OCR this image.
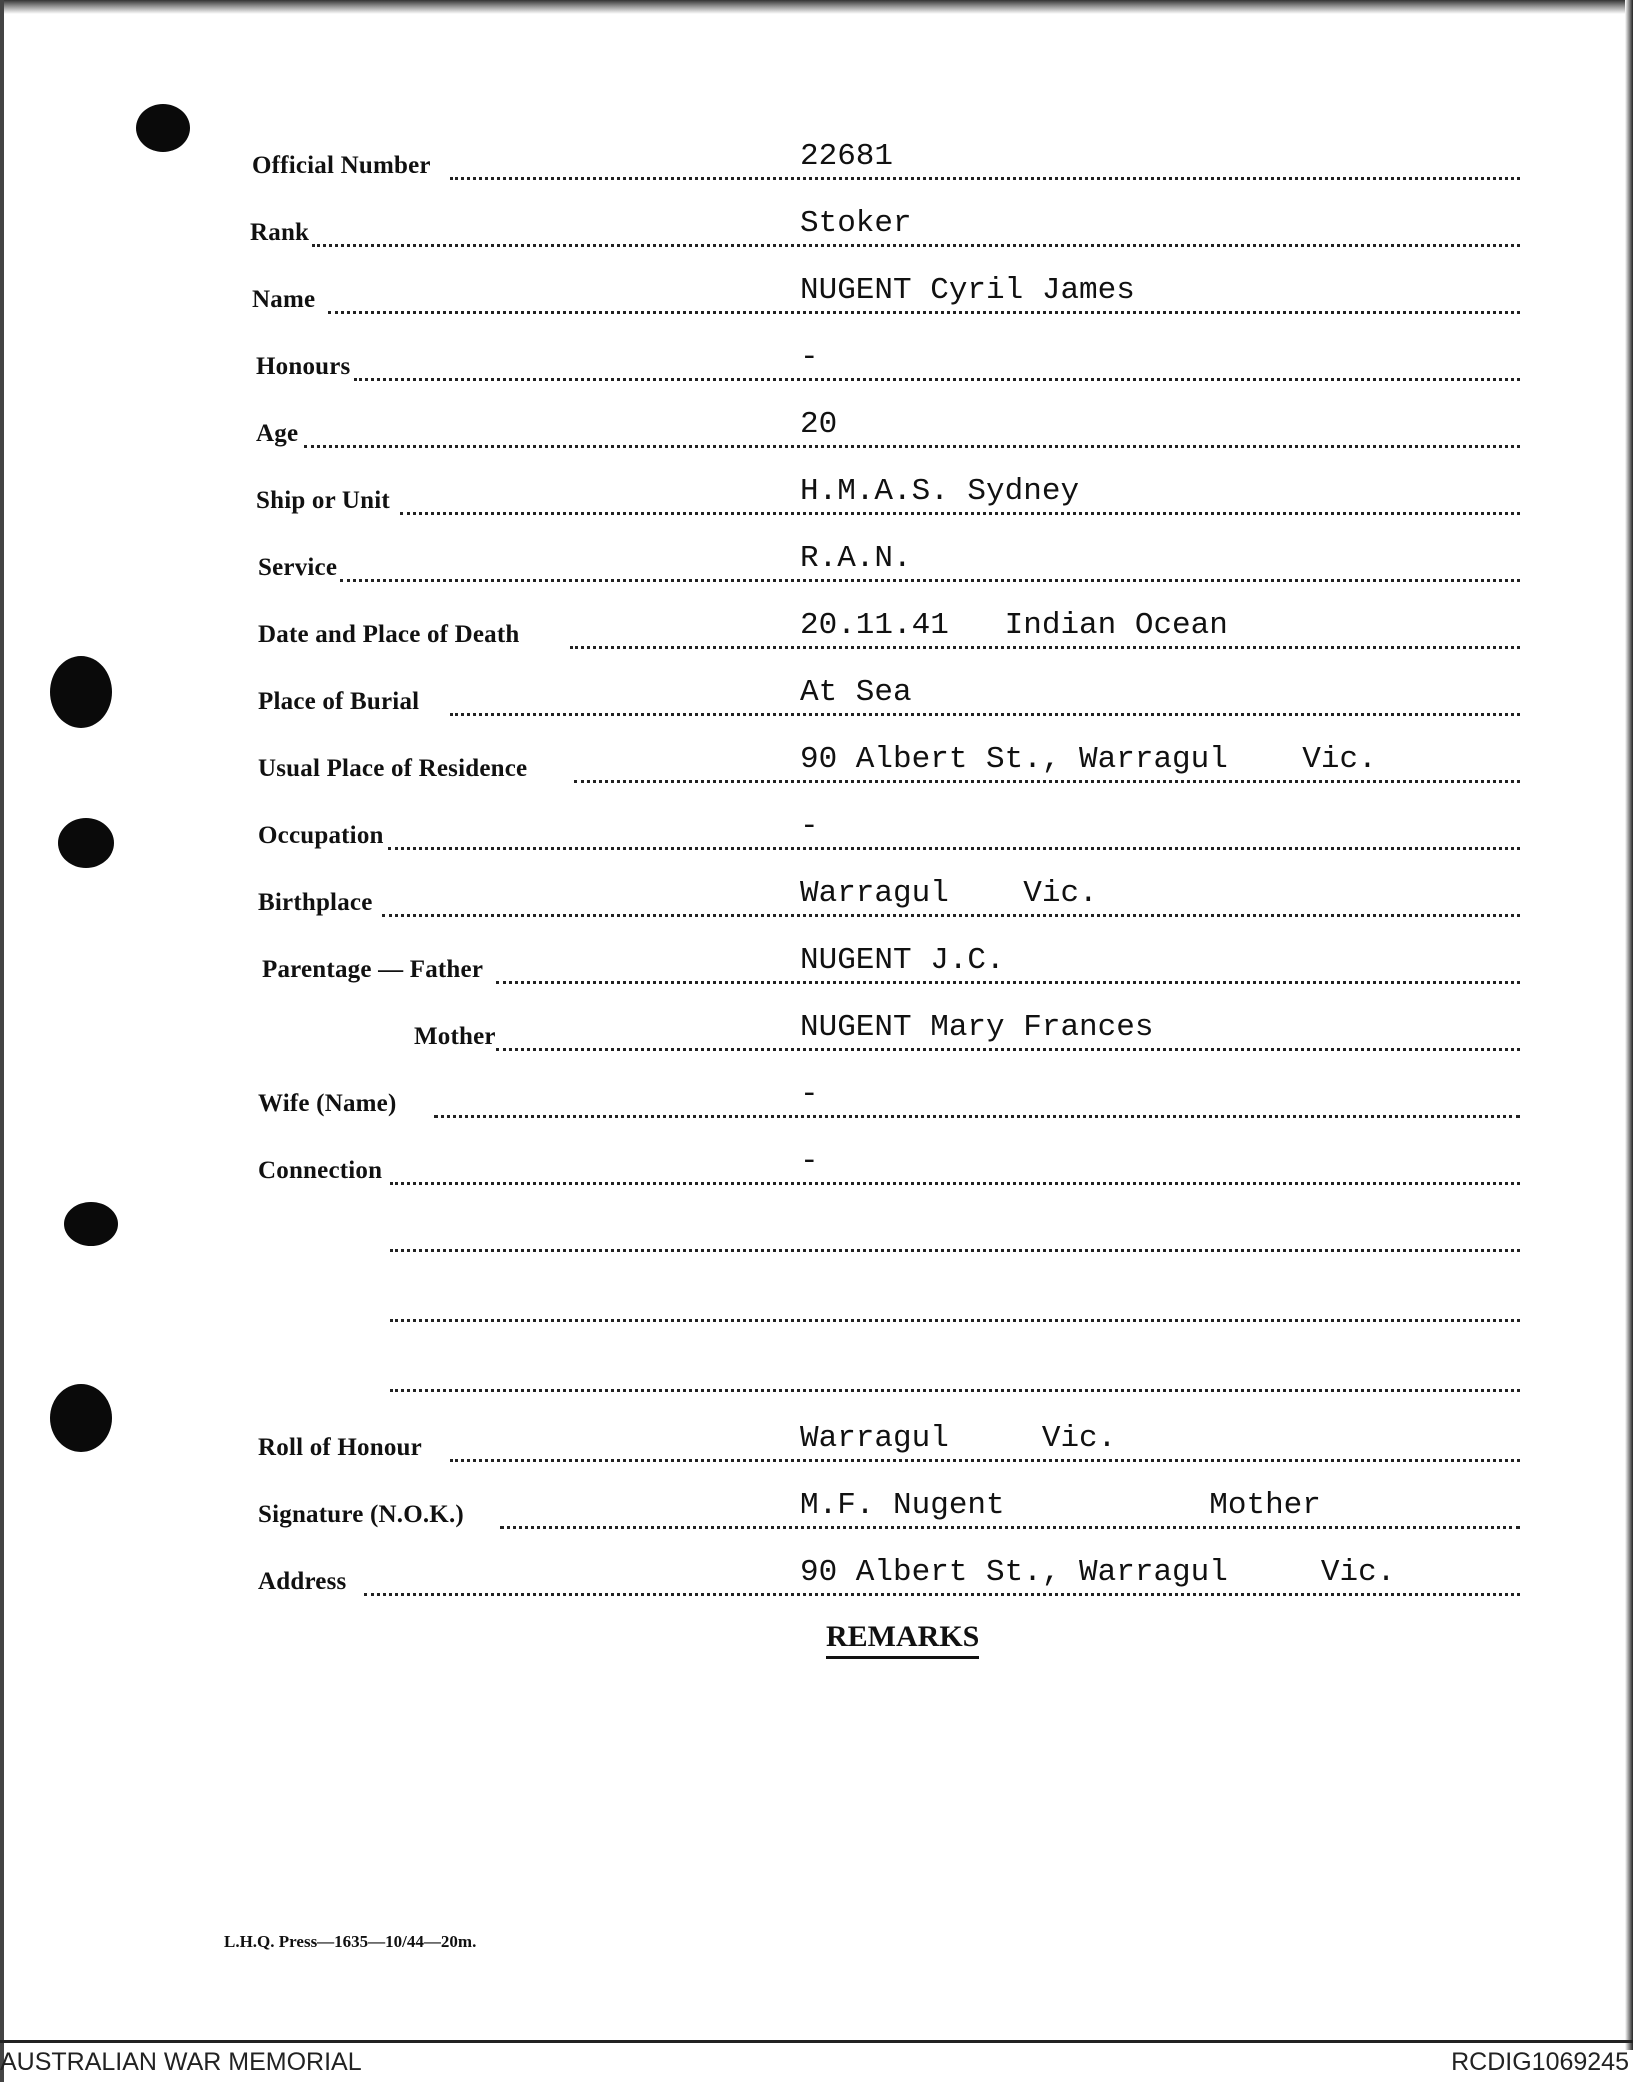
Official Number	22681
Rank	Stoker
Name	NUGENT Cyril James
Honours	-
Age	20
Ship or Unit	H.M.A.S. Sydney
Service	R.A.N.
Date and Place of Death	20.11.41   Indian Ocean
Place of Burial	At Sea
Usual Place of Residence	90 Albert St., Warragul    Vic.
Occupation	-
Birthplace	Warragul    Vic.
Parentage — Father	NUGENT J.C.
Mother	NUGENT Mary Frances
Wife (Name)	-
Connection	-
Roll of Honour	Warragul     Vic.
Signature (N.O.K.)	M.F. Nugent           Mother
Address	90 Albert St., Warragul     Vic.
REMARKS
L.H.Q. Press—1635—10/44—20m.
AUSTRALIAN WAR MEMORIAL	RCDIG1069245
